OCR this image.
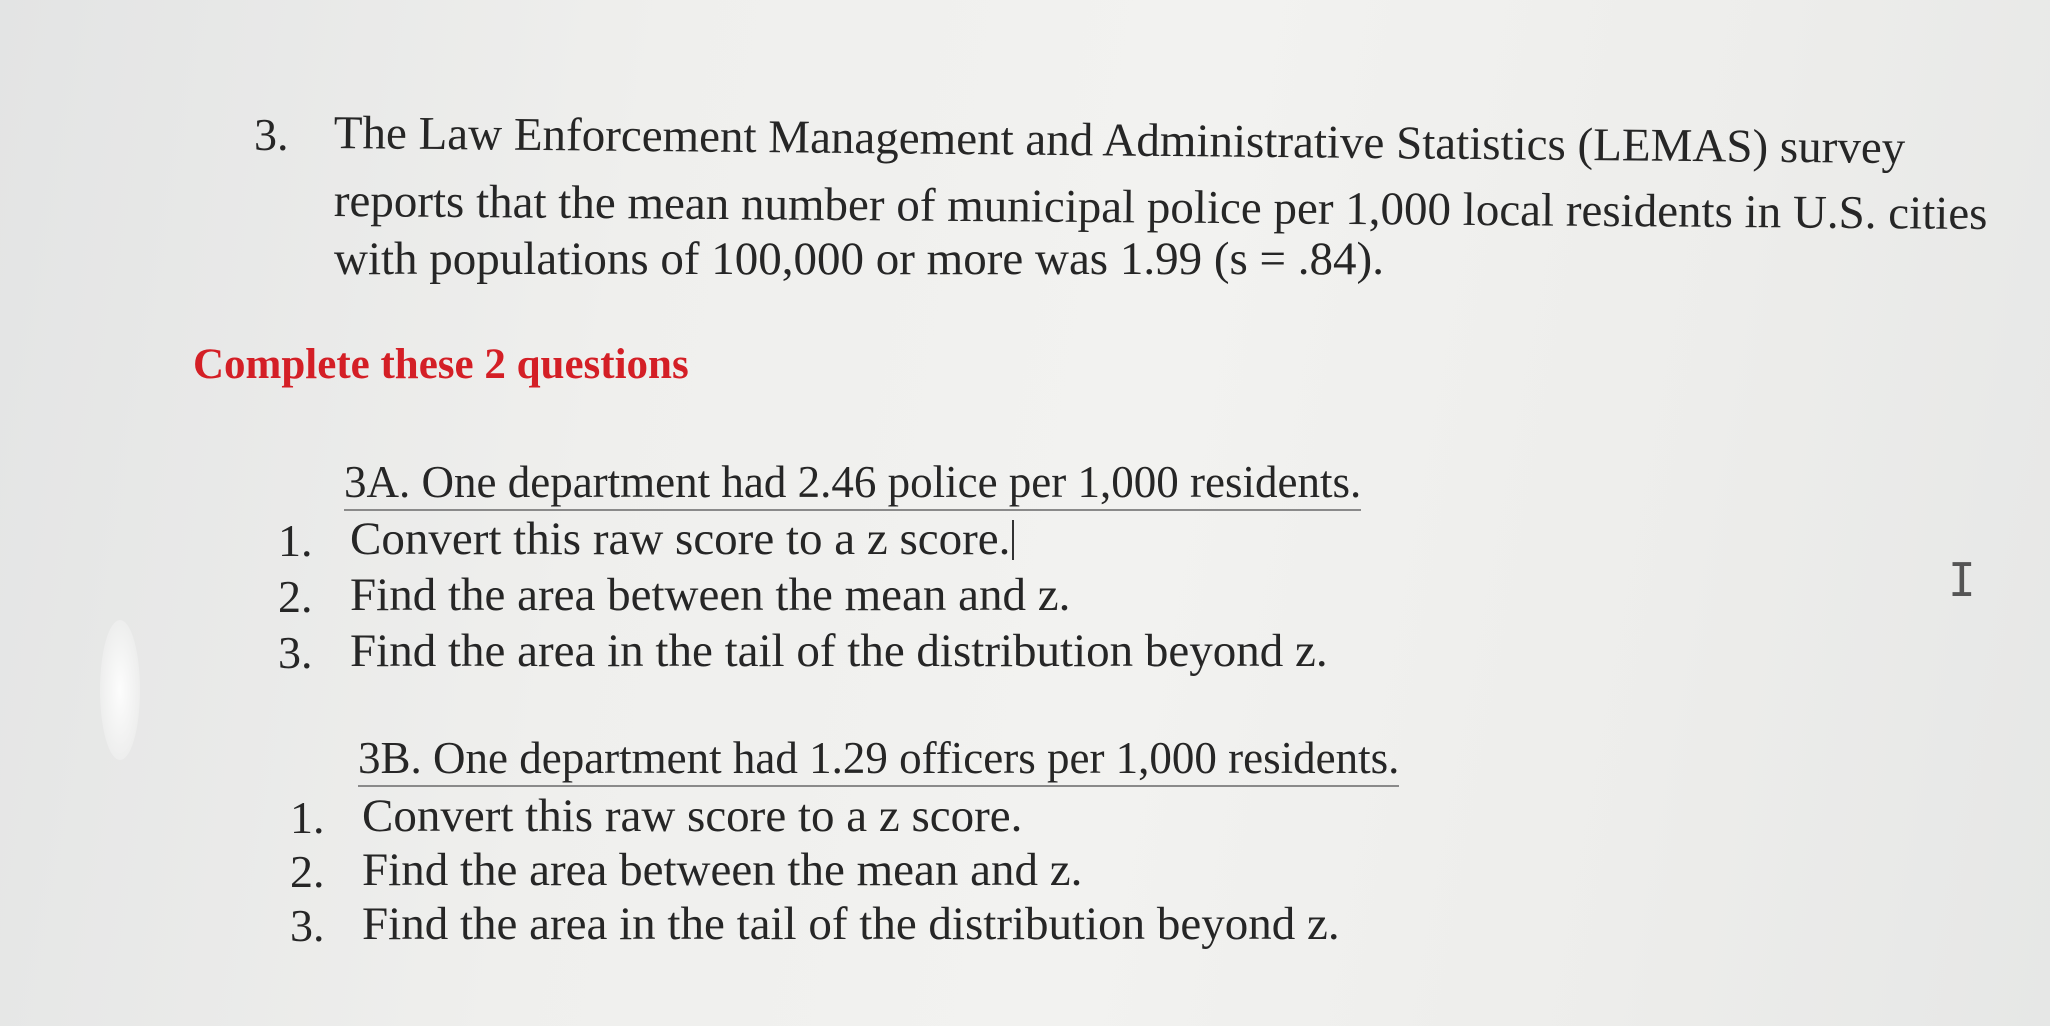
3. The Law Enforcement Management and Administrative Statistics (LEMAS) survey
reports that the mean number of municipal police per 1,000 local residents in U.S. cities
with populations of 100,000 or more was 1.99 (s = .84).
Complete these 2 questions
3A. One department had 2.46 police per 1,000 residents.
1. Convert this raw score to a z score.
2. Find the area between the mean and z.
3. Find the area in the tail of the distribution beyond z.
3B. One department had 1.29 officers per 1,000 residents.
1. Convert this raw score to a z score.
2. Find the area between the mean and z.
3. Find the area in the tail of the distribution beyond z.
I
